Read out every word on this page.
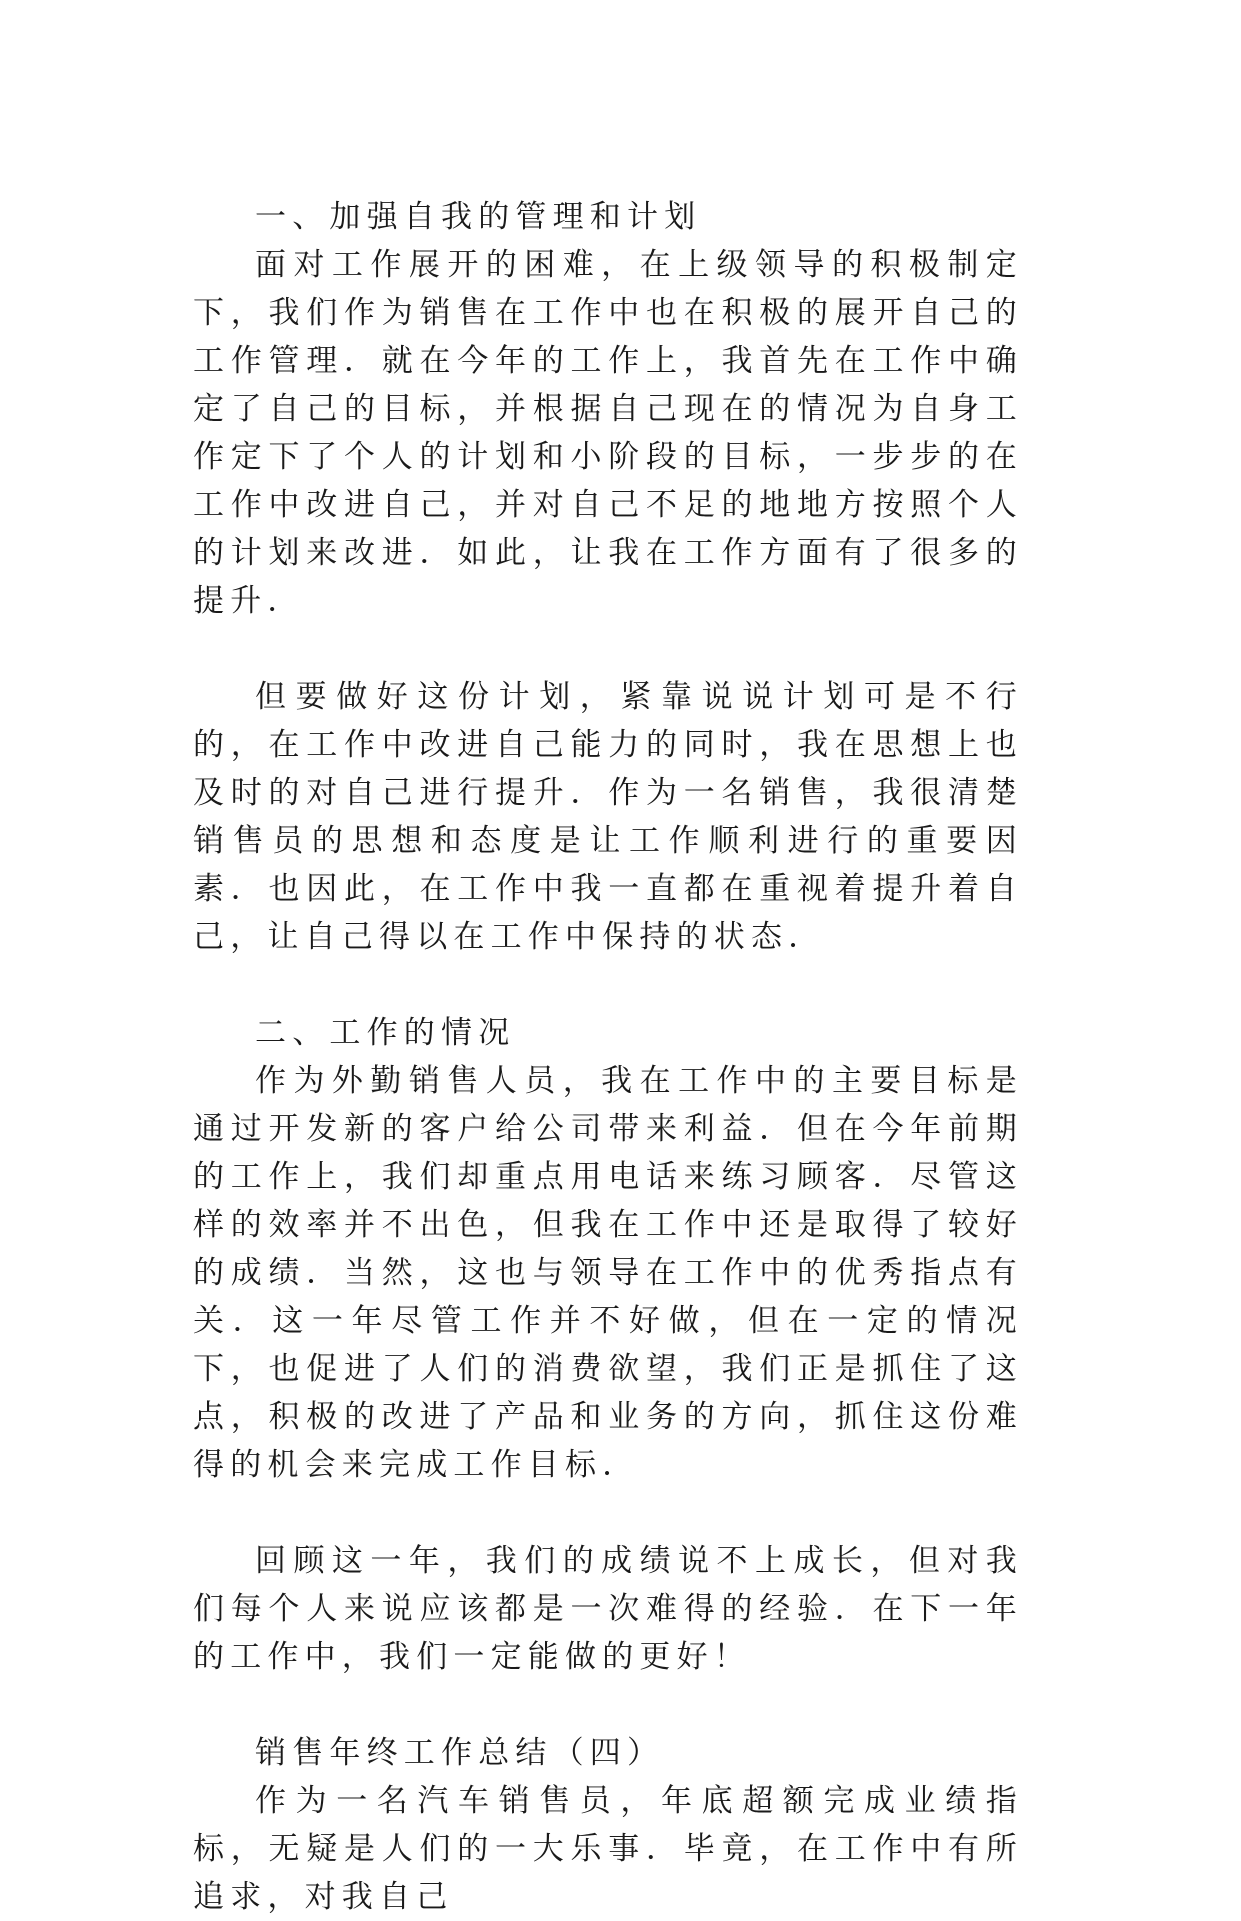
一、加强自我的管理和计划

面对工作展开的困难，在上级领导的积极制定下，我们作为销售在工作中也在积极的展开自己的工作管理．就在今年的工作上，我首先在工作中确定了自己的目标，并根据自己现在的情况为自身工作定下了个人的计划和小阶段的目标，一步步的在工作中改进自己，并对自己不足的地地方按照个人的计划来改进．如此，让我在工作方面有了很多的提升．

但要做好这份计划，紧靠说说计划可是不行的，在工作中改进自己能力的同时，我在思想上也及时的对自己进行提升．作为一名销售，我很清楚销售员的思想和态度是让工作顺利进行的重要因素．也因此，在工作中我一直都在重视着提升着自己，让自己得以在工作中保持的状态．

二、工作的情况

作为外勤销售人员，我在工作中的主要目标是通过开发新的客户给公司带来利益．但在今年前期的工作上，我们却重点用电话来练习顾客．尽管这样的效率并不出色，但我在工作中还是取得了较好的成绩．当然，这也与领导在工作中的优秀指点有关．这一年尽管工作并不好做，但在一定的情况下，也促进了人们的消费欲望，我们正是抓住了这点，积极的改进了产品和业务的方向，抓住这份难得的机会来完成工作目标．

回顾这一年，我们的成绩说不上成长，但对我们每个人来说应该都是一次难得的经验．在下一年的工作中，我们一定能做的更好！

销售年终工作总结（四）

作为一名汽车销售员，年底超额完成业绩指标，无疑是人们的一大乐事．毕竟，在工作中有所追求，对我自己
